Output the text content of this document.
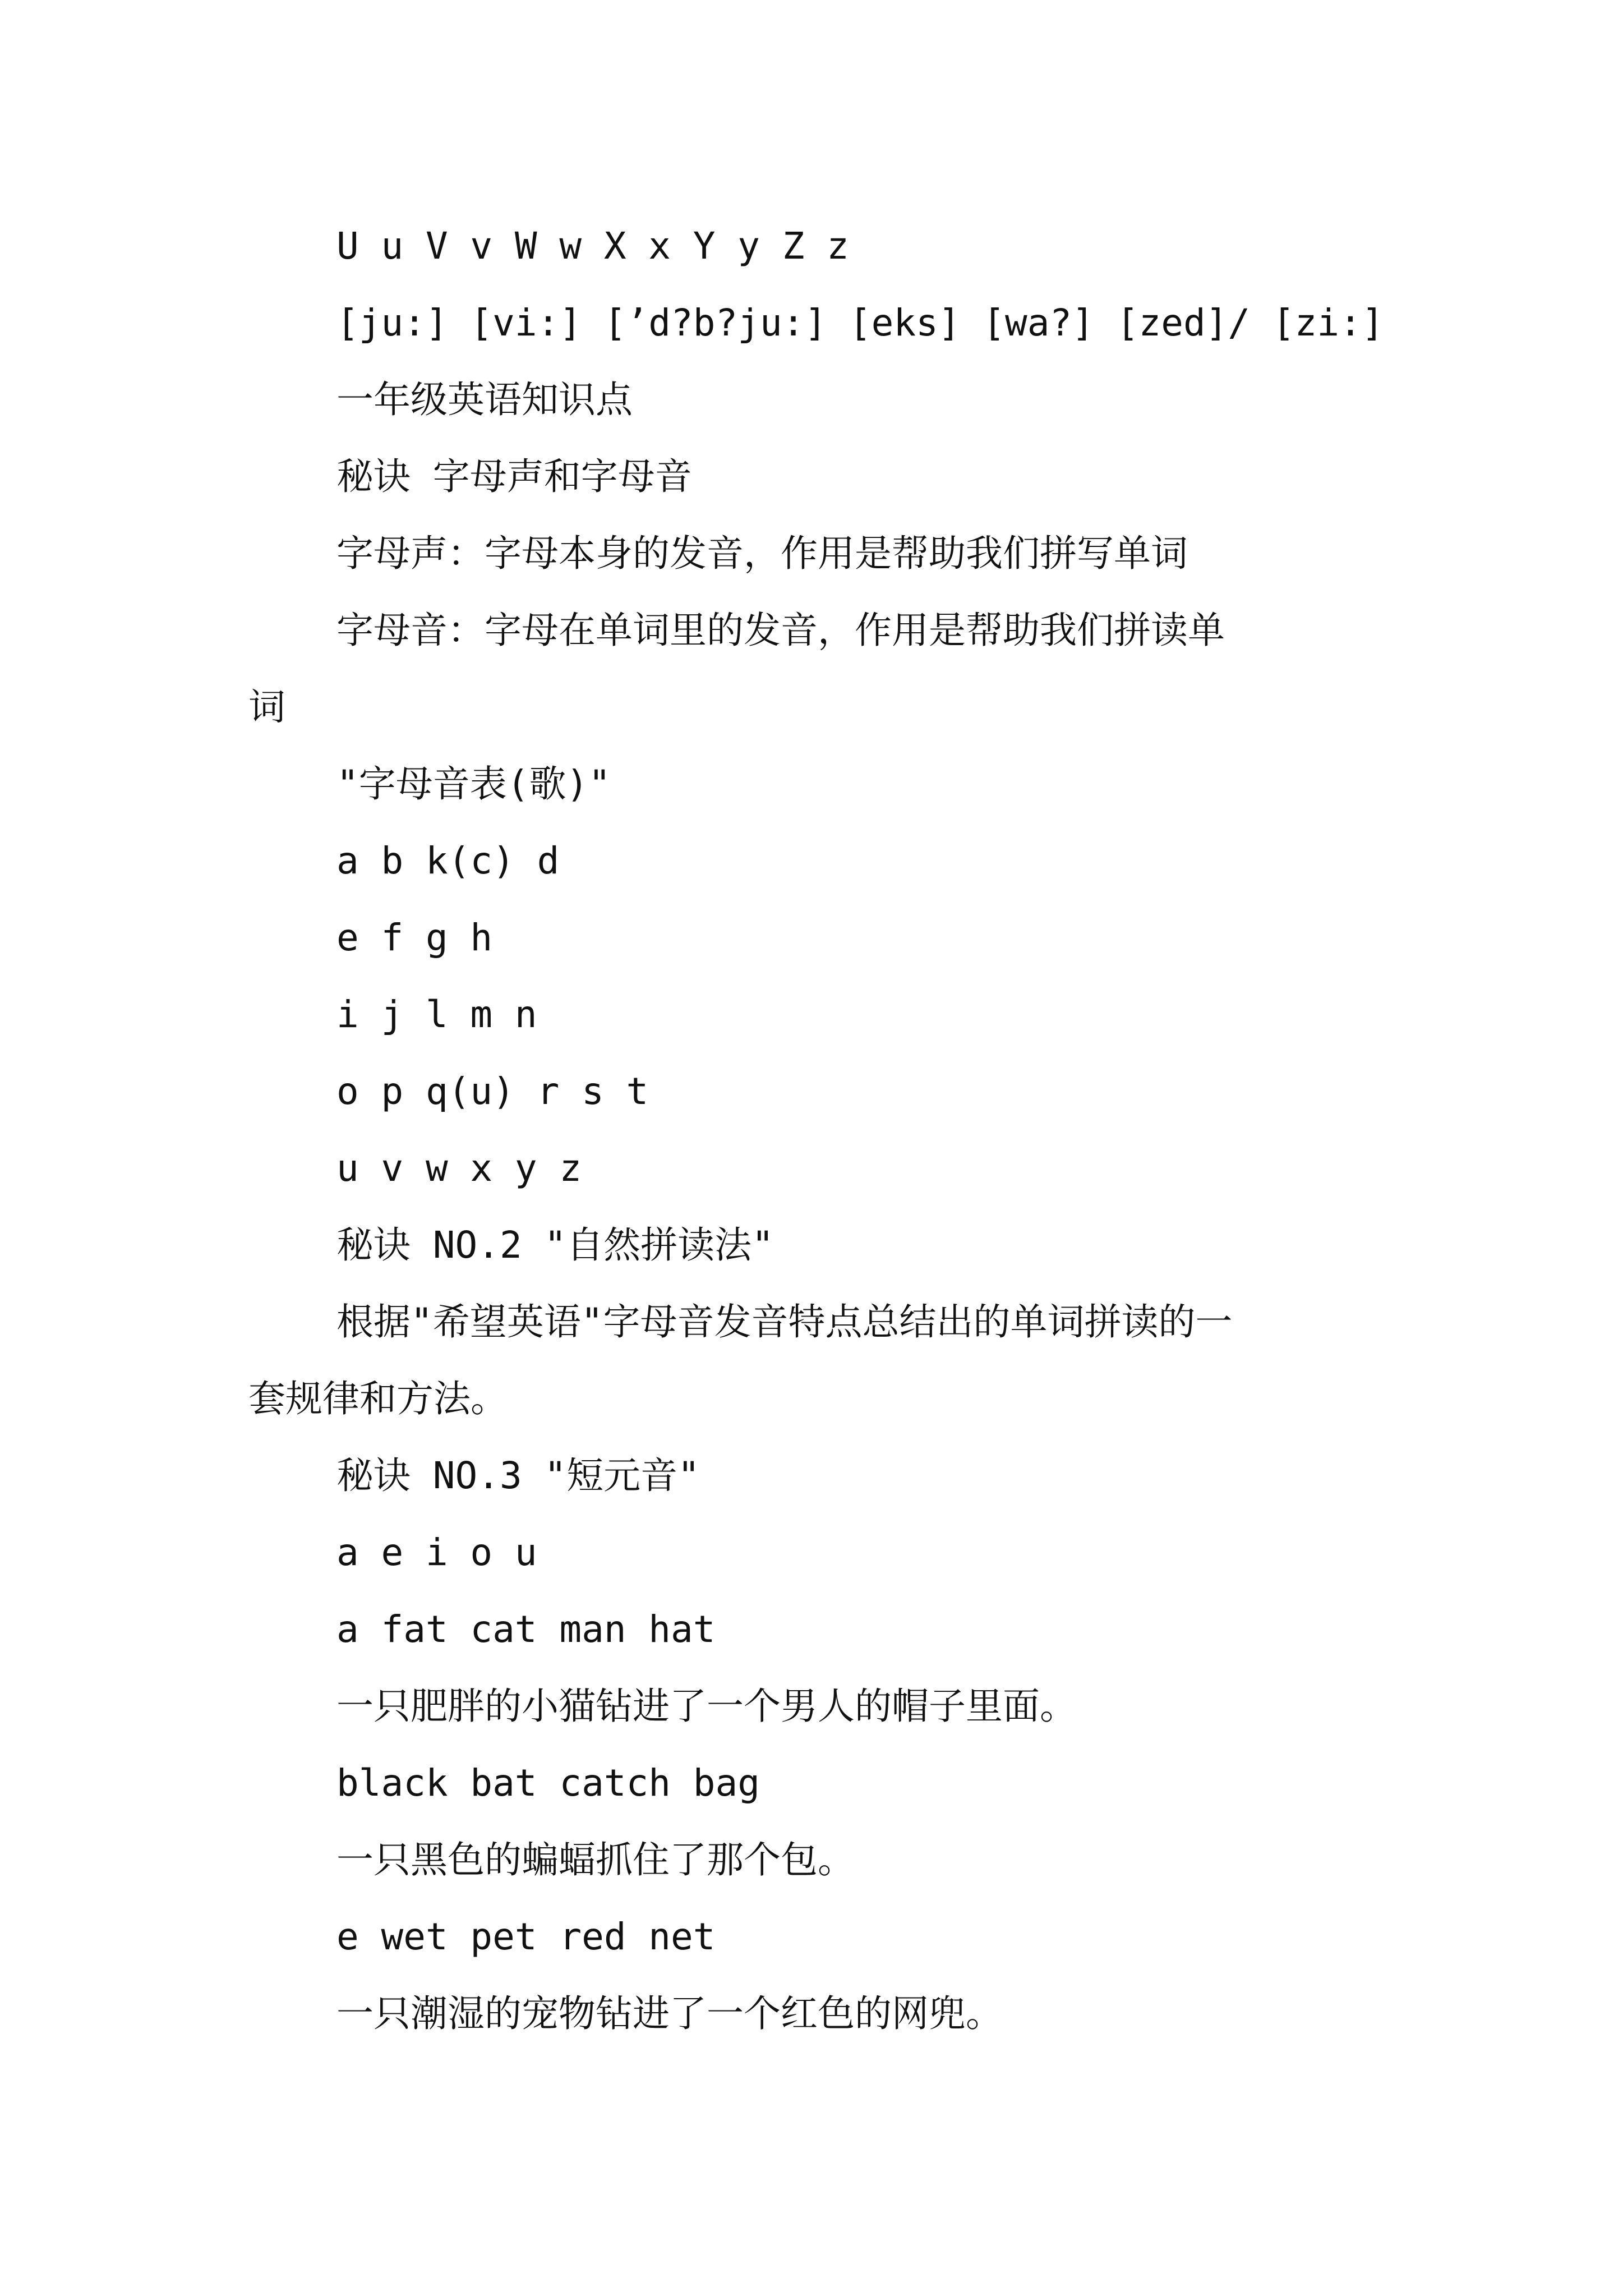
U u V v W w X x Y y Z z

[ju:] [vi:] [’d?b?ju:] [eks] [wa?] [zed]/ [zi:]

一年级英语知识点

秘诀 字母声和字母音

字母声：字母本身的发音，作用是帮助我们拼写单词

字母音：字母在单词里的发音，作用是帮助我们拼读单

词

"字母音表(歌)"

a b k(c) d

e f g h

i j l m n

o p q(u) r s t

u v w x y z

秘诀 NO.2 "自然拼读法"

根据"希望英语"字母音发音特点总结出的单词拼读的一

套规律和方法。

秘诀 NO.3 "短元音"

a e i o u

a fat cat man hat

一只肥胖的小猫钻进了一个男人的帽子里面。

black bat catch bag

一只黑色的蝙蝠抓住了那个包。

e wet pet red net

一只潮湿的宠物钻进了一个红色的网兜。
